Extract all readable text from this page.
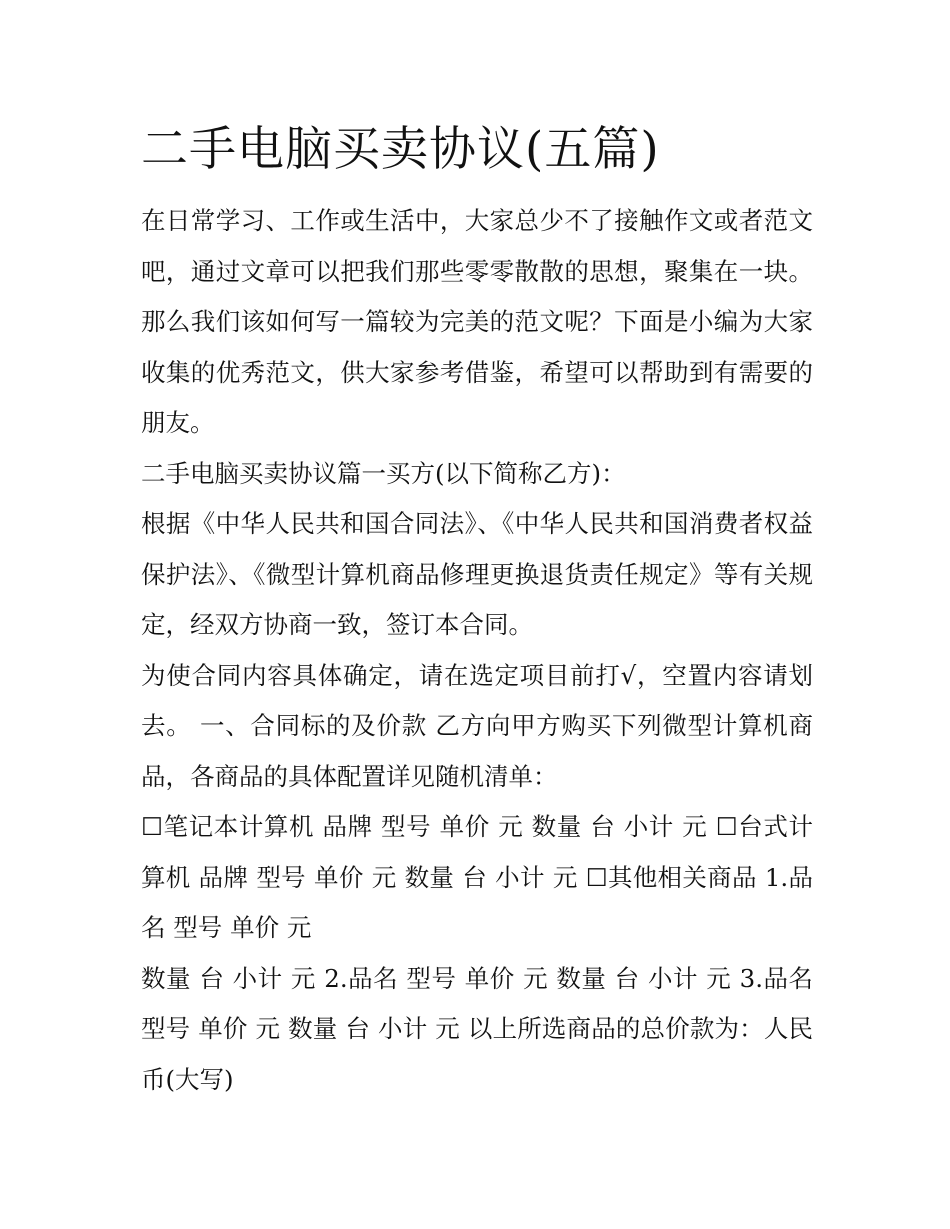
二手电脑买卖协议(五篇)

在日常学习、工作或生活中，大家总少不了接触作文或者范文吧，通过文章可以把我们那些零零散散的思想，聚集在一块。那么我们该如何写一篇较为完美的范文呢？下面是小编为大家收集的优秀范文，供大家参考借鉴，希望可以帮助到有需要的朋友。

二手电脑买卖协议篇一买方(以下简称乙方)：

根据《中华人民共和国合同法》、《中华人民共和国消费者权益保护法》、《微型计算机商品修理更换退货责任规定》等有关规定，经双方协商一致，签订本合同。

为使合同内容具体确定，请在选定项目前打√，空置内容请划去。 一、合同标的及价款 乙方向甲方购买下列微型计算机商品，各商品的具体配置详见随机清单：

☐笔记本计算机 品牌 型号 单价 元 数量 台 小计 元 ☐台式计算机 品牌 型号 单价 元 数量 台 小计 元 ☐其他相关商品 1.品名 型号 单价 元

数量 台 小计 元 2.品名 型号 单价 元 数量 台 小计 元 3.品名 型号 单价 元 数量 台 小计 元 以上所选商品的总价款为：人民币(大写)
